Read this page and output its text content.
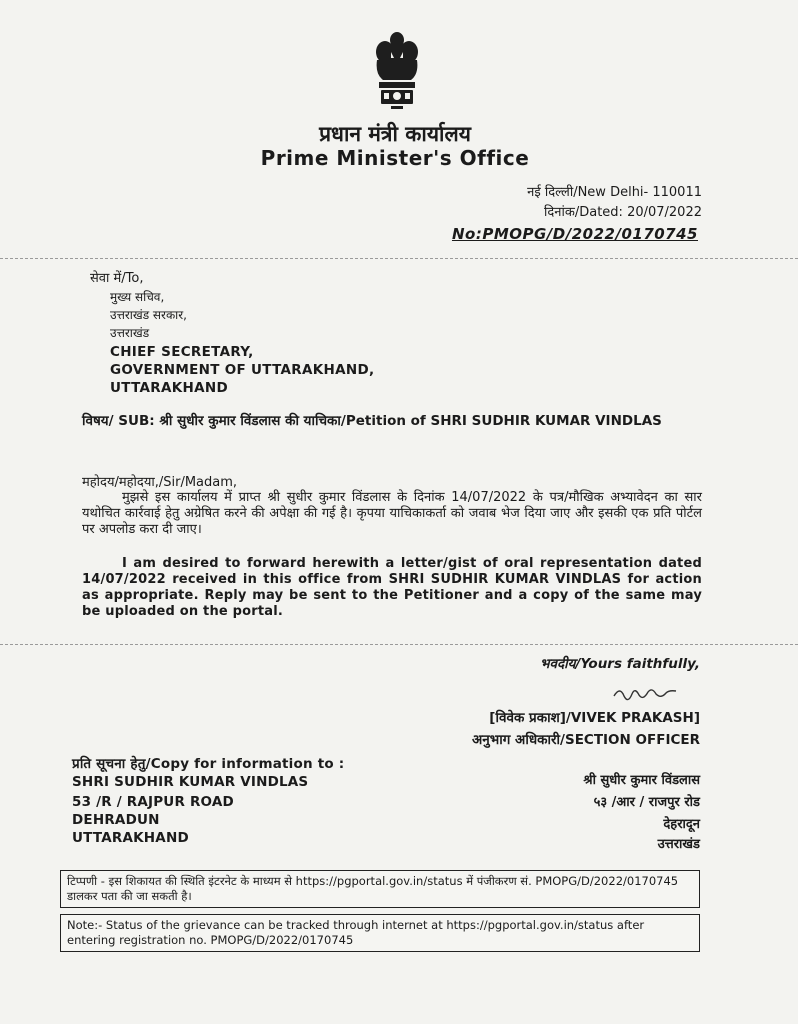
प्रधान मंत्री कार्यालय
Prime Minister's Office
नई दिल्ली/New Delhi- 110011
दिनांक/Dated: 20/07/2022
No:PMOPG/D/2022/0170745
सेवा में/To,
मुख्य सचिव,
उत्तराखंड सरकार,
उत्तराखंड
CHIEF SECRETARY,
GOVERNMENT OF UTTARAKHAND,
UTTARAKHAND
विषय/ SUB: श्री सुधीर कुमार विंडलास की याचिका/Petition of SHRI SUDHIR KUMAR VINDLAS
महोदय/महोदया,/Sir/Madam,
मुझसे इस कार्यालय में प्राप्त श्री सुधीर कुमार विंडलास के दिनांक 14/07/2022 के पत्र/मौखिक अभ्यावेदन का सार यथोचित कार्रवाई हेतु अग्रेषित करने की अपेक्षा की गई है। कृपया याचिकाकर्ता को जवाब भेज दिया जाए और इसकी एक प्रति पोर्टल पर अपलोड करा दी जाए।
I am desired to forward herewith a letter/gist of oral representation dated 14/07/2022 received in this office from SHRI SUDHIR KUMAR VINDLAS for action as appropriate. Reply may be sent to the Petitioner and a copy of the same may be uploaded on the portal.
भवदीय/Yours faithfully,
[विवेक प्रकाश]/VIVEK PRAKASH]
अनुभाग अधिकारी/SECTION OFFICER
प्रति सूचना हेतु/Copy for information to :
SHRI SUDHIR KUMAR VINDLAS
53 /R / RAJPUR ROAD
DEHRADUN
UTTARAKHAND
श्री सुधीर कुमार विंडलास
५३ /आर / राजपुर रोड
देहरादून
उत्तराखंड

टिप्पणी - इस शिकायत की स्थिति इंटरनेट के माध्यम से https://pgportal.gov.in/status में पंजीकरण सं. PMOPG/D/2022/0170745 डालकर पता की जा सकती है।

Note:- Status of the grievance can be tracked through internet at https://pgportal.gov.in/status after entering registration no. PMOPG/D/2022/0170745
